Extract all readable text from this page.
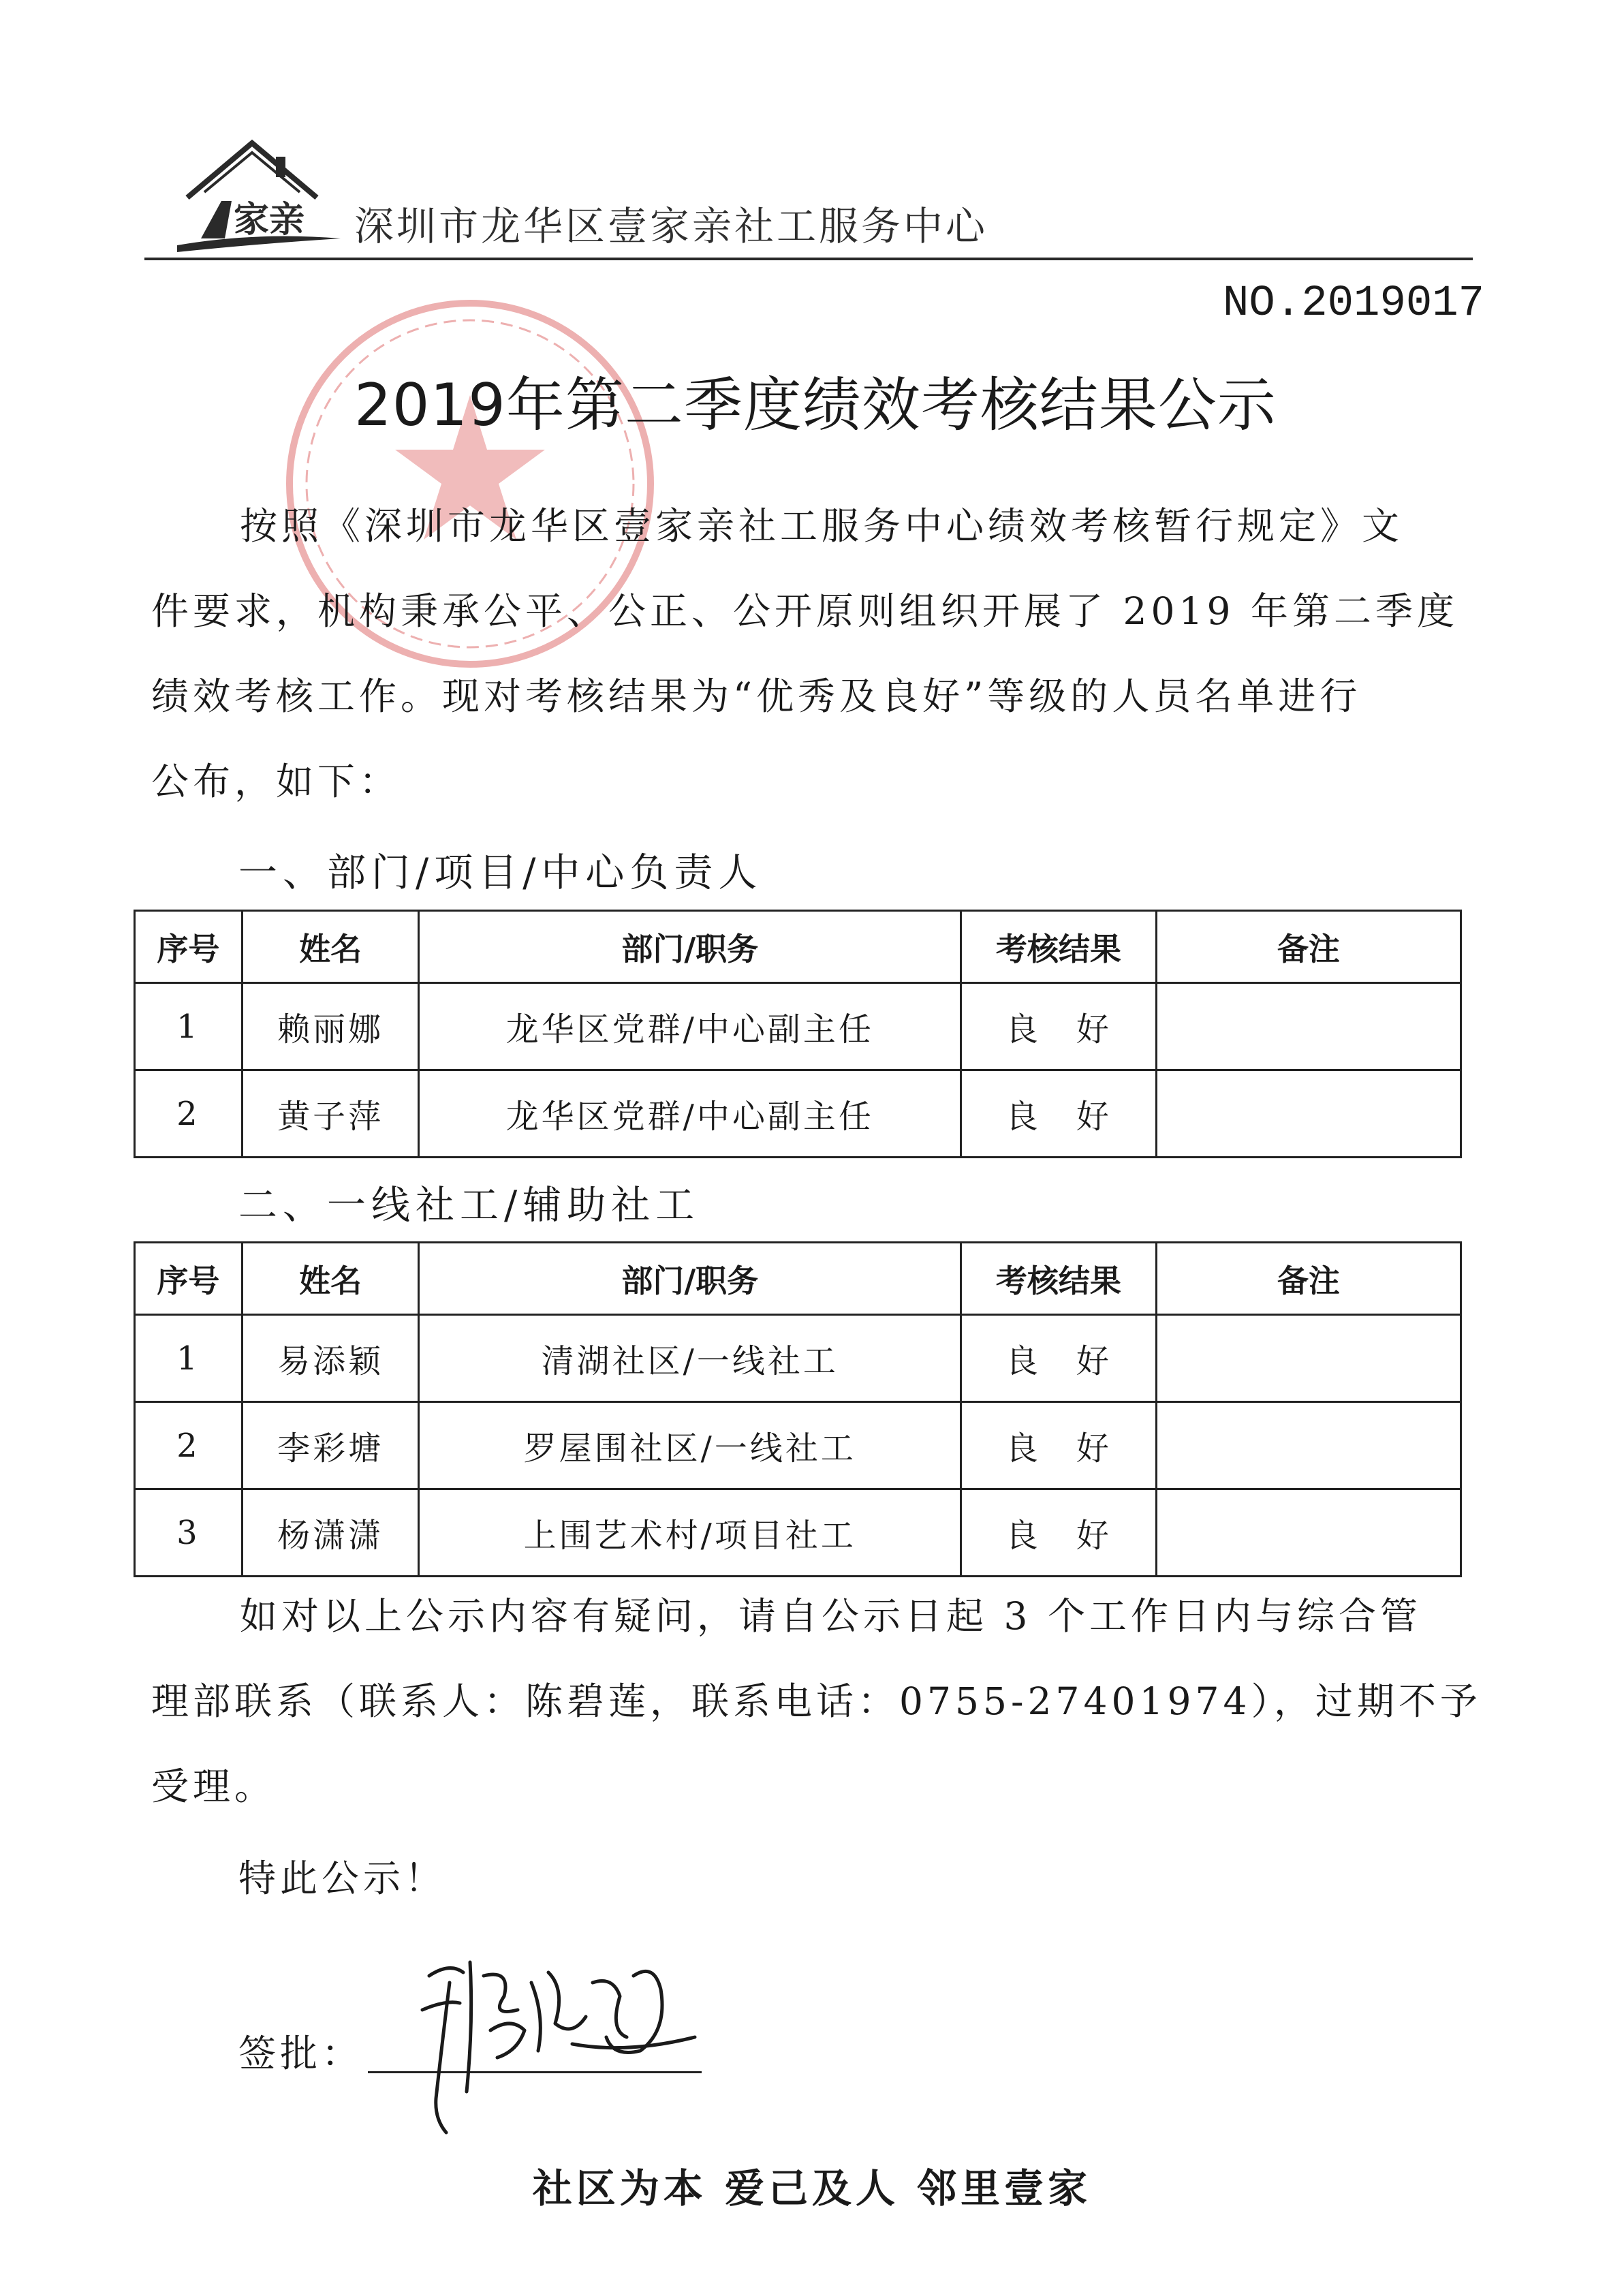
家亲 深圳市龙华区壹家亲社工服务中心
NO.2019017
2019年第二季度绩效考核结果公示
按照《深圳市龙华区壹家亲社工服务中心绩效考核暂行规定》文
件要求，机构秉承公平、公正、公开原则组织开展了 2019 年第二季度
绩效考核工作。现对考核结果为“优秀及良好”等级的人员名单进行
公布，如下：
一、部门/项目/中心负责人
序号	姓名	部门/职务	考核结果	备注
1	赖丽娜	龙华区党群/中心副主任	良　好	
2	黄子萍	龙华区党群/中心副主任	良　好	
二、一线社工/辅助社工
序号	姓名	部门/职务	考核结果	备注
1	易添颖	清湖社区/一线社工	良　好	
2	李彩塘	罗屋围社区/一线社工	良　好	
3	杨潇潇	上围艺术村/项目社工	良　好	
如对以上公示内容有疑问，请自公示日起 3 个工作日内与综合管
理部联系（联系人：陈碧莲，联系电话：0755-27401974），过期不予
受理。
特此公示！
签批：
社区为本 爱己及人 邻里壹家
